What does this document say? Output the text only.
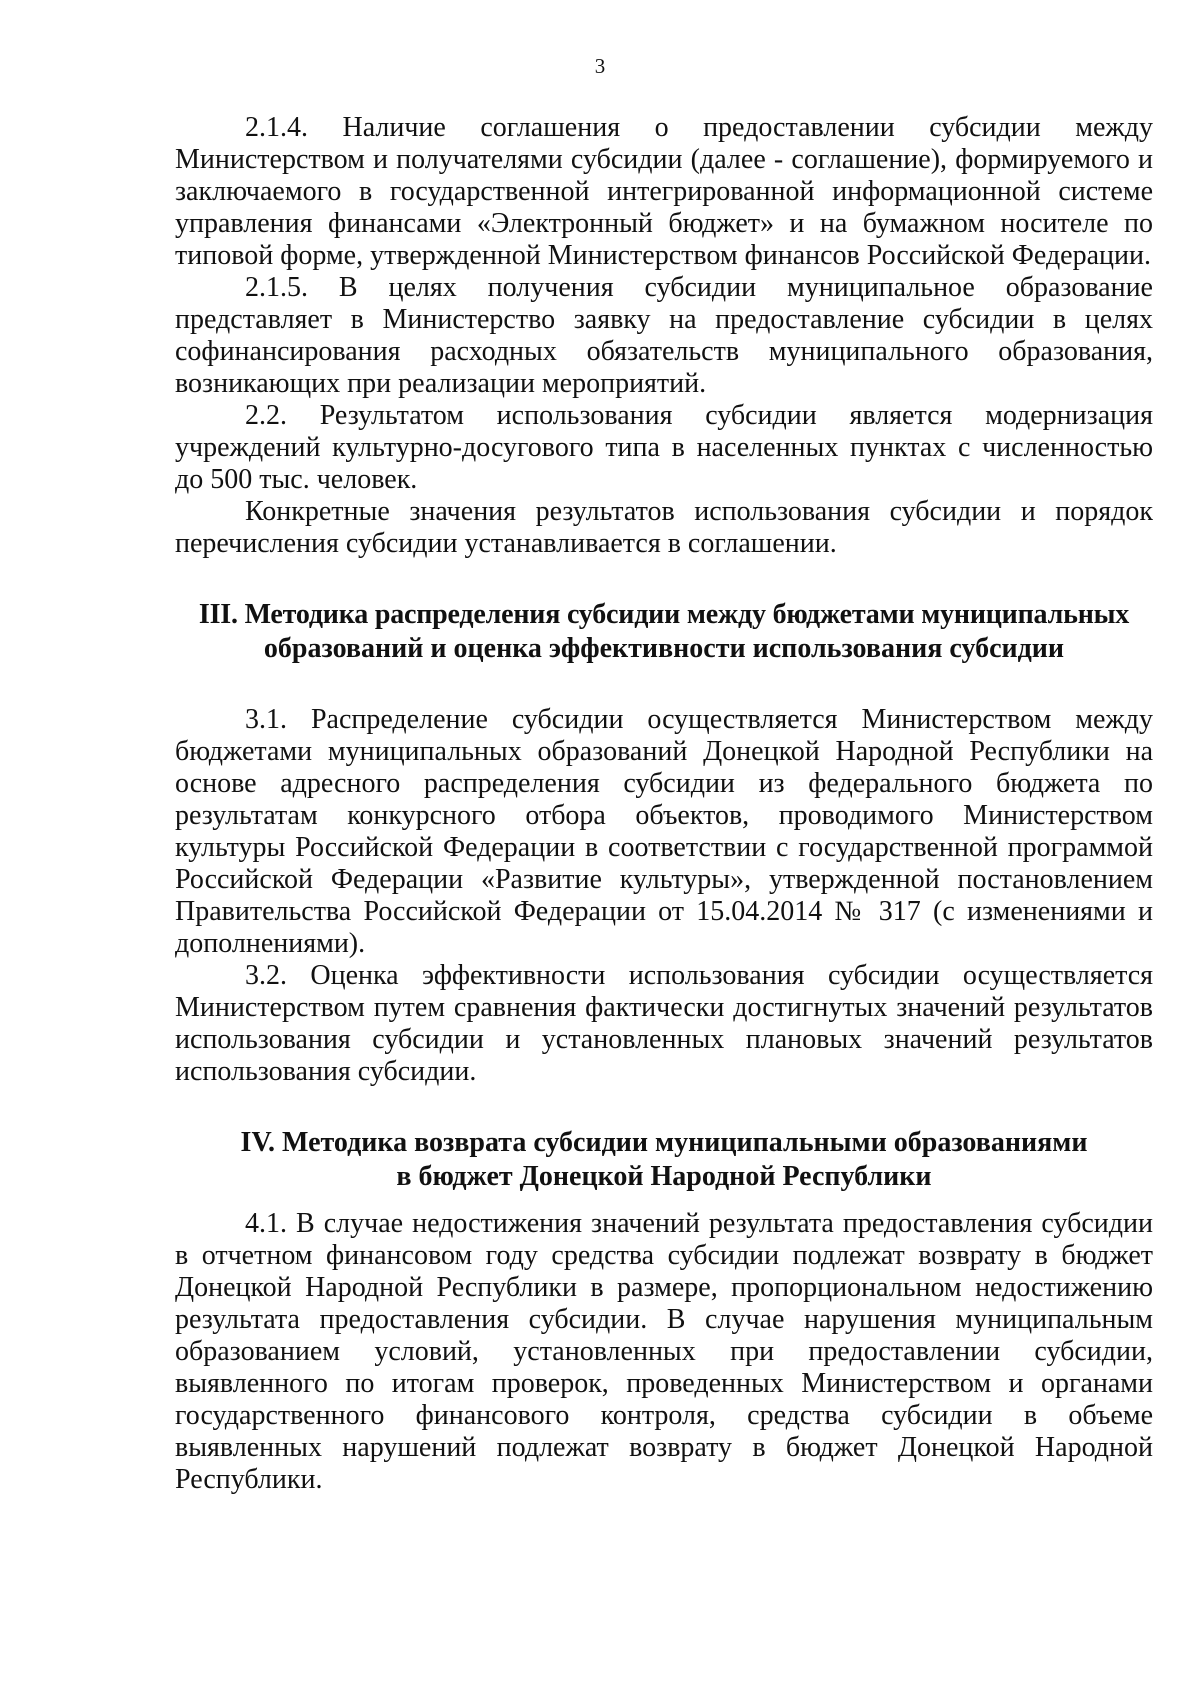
3

2.1.4. Наличие соглашения о предоставлении субсидии между Министерством и получателями субсидии (далее - соглашение), формируемого и заключаемого в государственной интегрированной информационной системе управления финансами «Электронный бюджет» и на бумажном носителе по типовой форме, утвержденной Министерством финансов Российской Федерации.

2.1.5. В целях получения субсидии муниципальное образование представляет в Министерство заявку на предоставление субсидии в целях софинансирования расходных обязательств муниципального образования, возникающих при реализации мероприятий.

2.2. Результатом использования субсидии является модернизация учреждений культурно-досугового типа в населенных пунктах с численностью до 500 тыс. человек.

Конкретные значения результатов использования субсидии и порядок перечисления субсидии устанавливается в соглашении.

III. Методика распределения субсидии между бюджетами муниципальных
образований и оценка эффективности использования субсидии

3.1. Распределение субсидии осуществляется Министерством между бюджетами муниципальных образований Донецкой Народной Республики на основе адресного распределения субсидии из федерального бюджета по результатам конкурсного отбора объектов, проводимого Министерством культуры Российской Федерации в соответствии с государственной программой Российской Федерации «Развитие культуры», утвержденной постановлением Правительства Российской Федерации от 15.04.2014 № 317 (с изменениями и дополнениями).

3.2. Оценка эффективности использования субсидии осуществляется Министерством путем сравнения фактически достигнутых значений результатов использования субсидии и установленных плановых значений результатов использования субсидии.

IV. Методика возврата субсидии муниципальными образованиями
в бюджет Донецкой Народной Республики

4.1. В случае недостижения значений результата предоставления субсидии в отчетном финансовом году средства субсидии подлежат возврату в бюджет Донецкой Народной Республики в размере, пропорциональном недостижению результата предоставления субсидии. В случае нарушения муниципальным образованием условий, установленных при предоставлении субсидии, выявленного по итогам проверок, проведенных Министерством и органами государственного финансового контроля, средства субсидии в объеме выявленных нарушений подлежат возврату в бюджет Донецкой Народной Республики.
